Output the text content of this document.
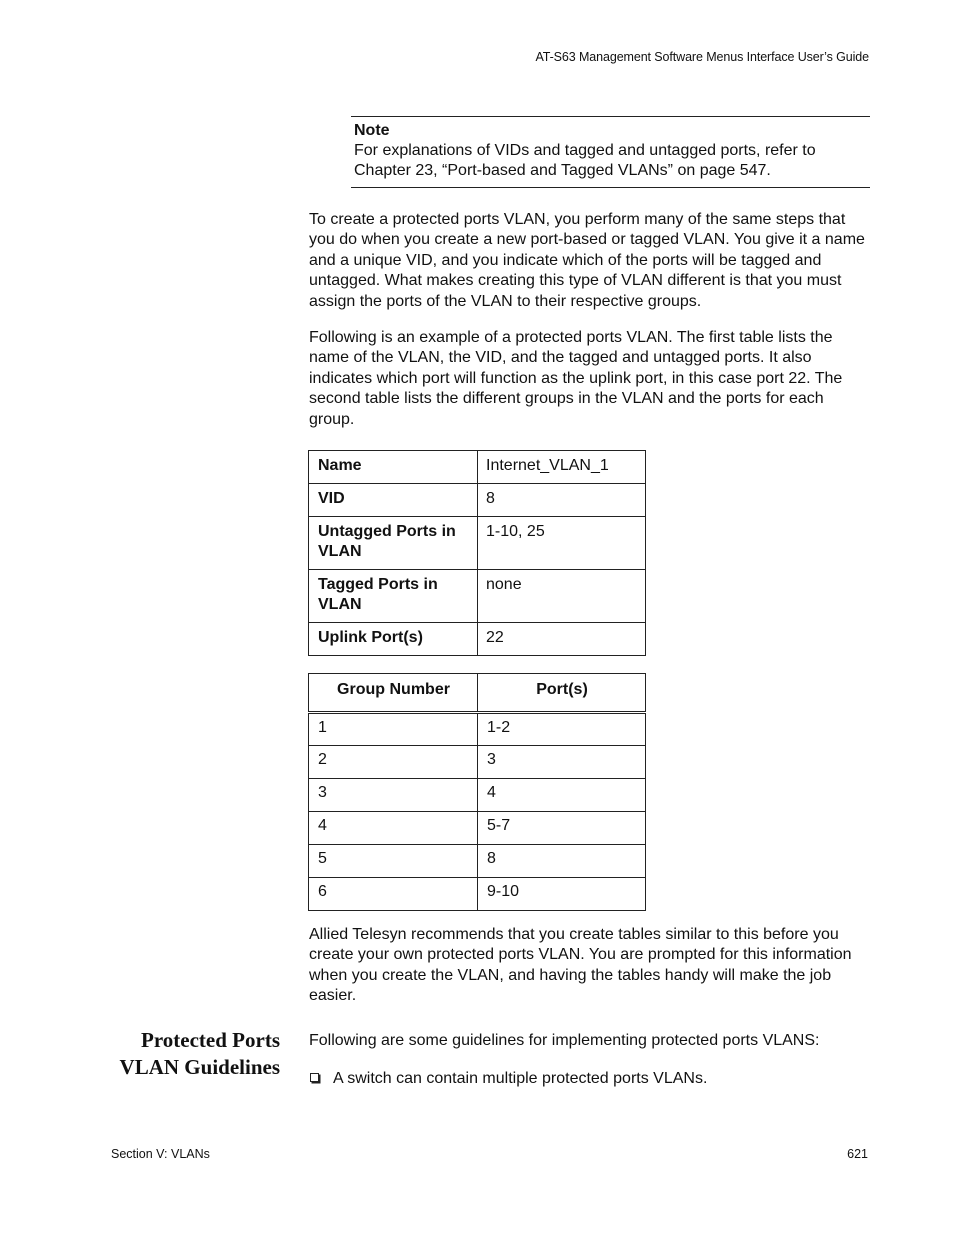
AT-S63 Management Software Menus Interface User’s Guide
Note
For explanations of VIDs and tagged and untagged ports, refer to Chapter 23, “Port-based and Tagged VLANs” on page 547.

To create a protected ports VLAN, you perform many of the same steps that you do when you create a new port-based or tagged VLAN. You give it a name and a unique VID, and you indicate which of the ports will be tagged and untagged. What makes creating this type of VLAN different is that you must assign the ports of the VLAN to their respective groups.

Following is an example of a protected ports VLAN. The first table lists the name of the VLAN, the VID, and the tagged and untagged ports. It also indicates which port will function as the uplink port, in this case port 22. The second table lists the different groups in the VLAN and the ports for each group.

Name	Internet_VLAN_1
VID	8
Untagged Ports in VLAN	1-10, 25
Tagged Ports in VLAN	none
Uplink Port(s)	22
Group Number	Port(s)
1	1-2
2	3
3	4
4	5-7
5	8
6	9-10

Allied Telesyn recommends that you create tables similar to this before you create your own protected ports VLAN. You are prompted for this information when you create the VLAN, and having the tables handy will make the job easier.

Protected Ports
VLAN Guidelines

Following are some guidelines for implementing protected ports VLANS:

A switch can contain multiple protected ports VLANs.
Section V: VLANs	621
